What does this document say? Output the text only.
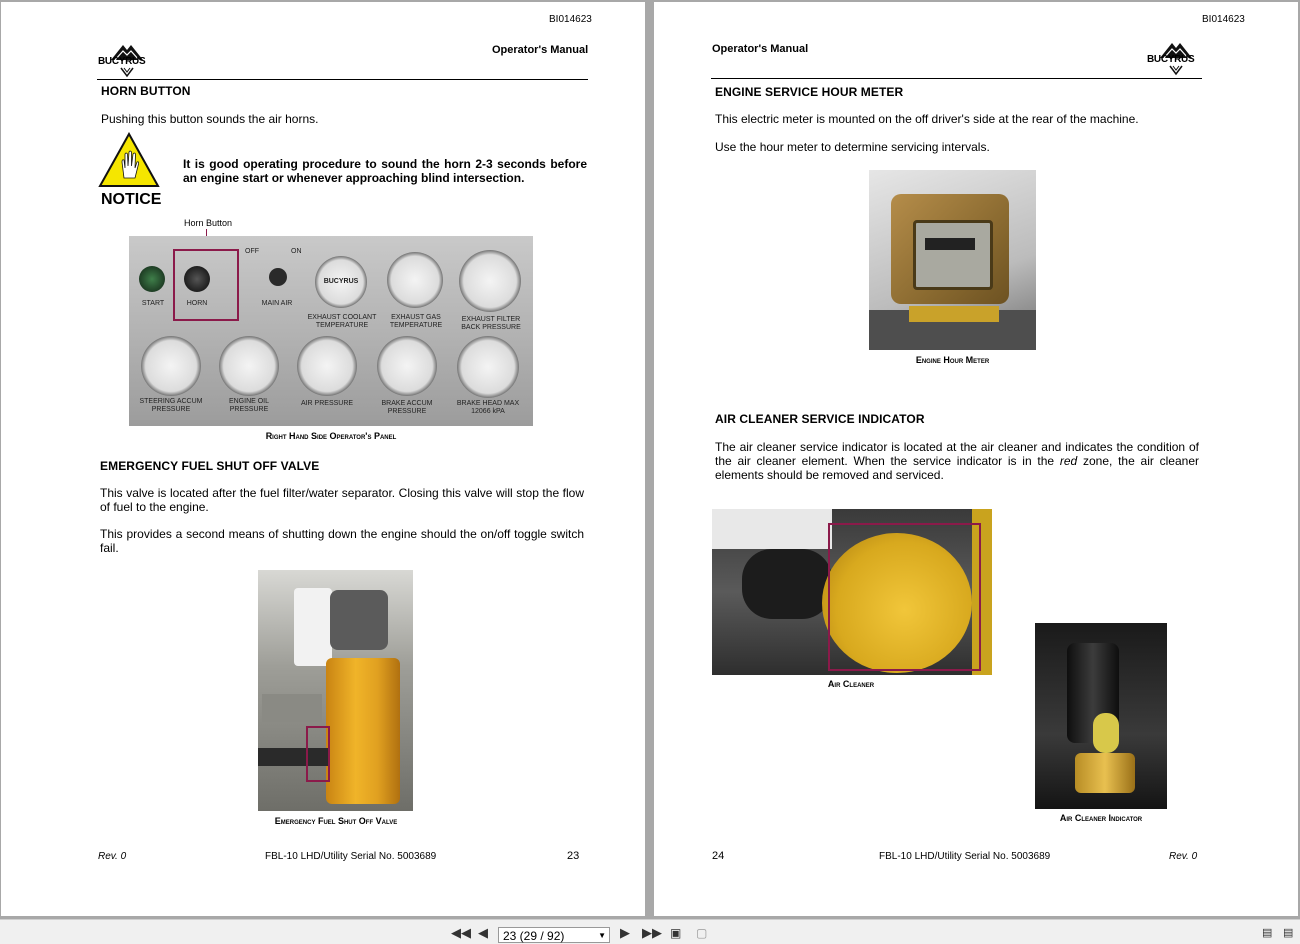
BI014623
BUCYRUS
Operator's Manual
HORN BUTTON
Pushing this button sounds the air horns.
NOTICE
It is good operating procedure to sound the horn 2-3 seconds before an engine start or whenever approaching blind intersection.
Horn Button
START	HORN
OFF	ON
MAIN AIR
BUCYRUS
EXHAUST COOLANT TEMPERATURE
EXHAUST GAS TEMPERATURE
EXHAUST FILTER BACK PRESSURE
STEERING ACCUM PRESSURE
ENGINE OIL PRESSURE
AIR PRESSURE	BRAKE ACCUM PRESSURE
BRAKE HEAD MAX 12066 kPA
Right Hand Side Operator's Panel
EMERGENCY FUEL SHUT OFF VALVE
This valve is located after the fuel filter/water separator. Closing this valve will stop the flow of fuel to the engine.
This provides a second means of shutting down the engine should the on/off toggle switch fail.
Emergency Fuel Shut Off Valve
Rev. 0	FBL-10 LHD/Utility Serial No. 5003689	23
BI014623
Operator's Manual
BUCYRUS
ENGINE SERVICE HOUR METER
This electric meter is mounted on the off driver's side at the rear of the machine.
Use the hour meter to determine servicing intervals.
Engine Hour Meter
AIR CLEANER SERVICE INDICATOR
The air cleaner service indicator is located at the air cleaner and indicates the condition of the air cleaner element. When the service indicator is in the red zone, the air cleaner elements should be removed and serviced.
Air Cleaner
Air Cleaner Indicator
24	FBL-10 LHD/Utility Serial No. 5003689	Rev. 0
◀◀ ◀	▶ ▶▶ ▣ ▢	▤ ▤
23 (29 / 92)	▼
